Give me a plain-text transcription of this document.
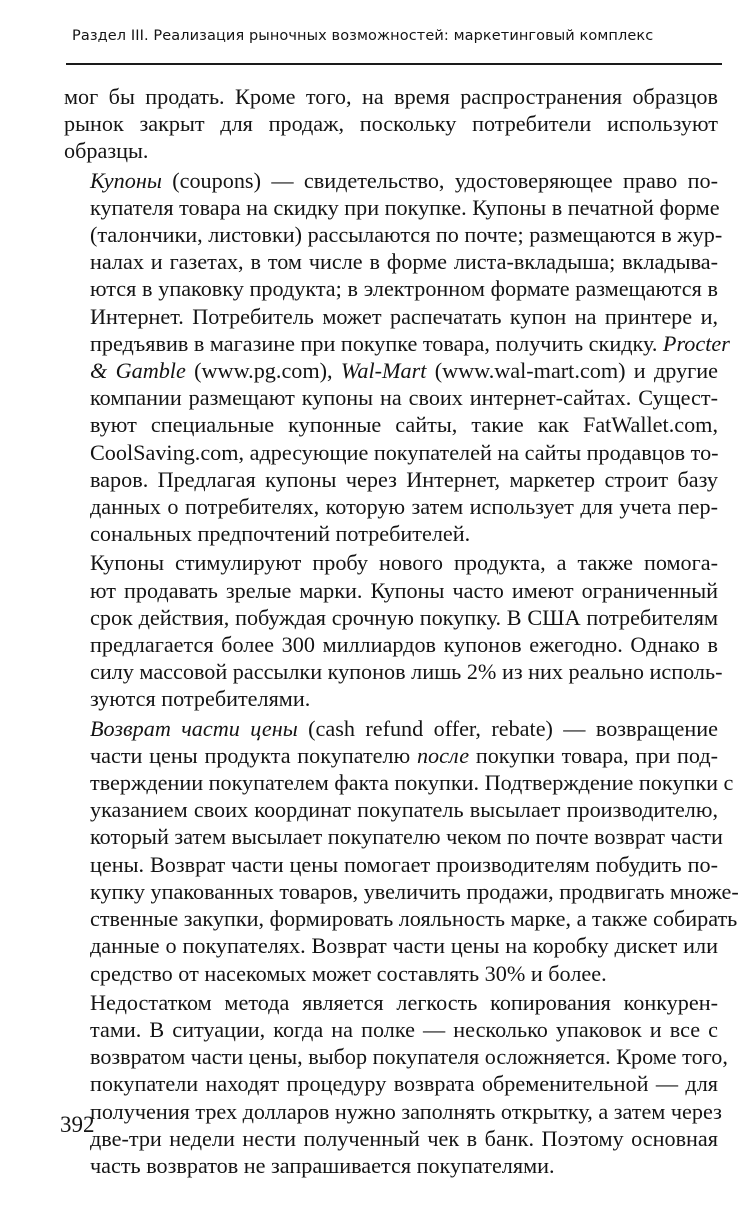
Раздел III. Реализация рыночных возможностей: маркетинговый комплекс
мог бы продать. Кроме того, на время распространения образцов
рынок закрыт для продаж, поскольку потребители используют
образцы.
Купоны (coupons) — свидетельство, удостоверяющее право по-
купателя товара на скидку при покупке. Купоны в печатной форме
(талончики, листовки) рассылаются по почте; размещаются в жур-
налах и газетах, в том числе в форме листа-вкладыша; вкладыва-
ются в упаковку продукта; в электронном формате размещаются в
Интернет. Потребитель может распечатать купон на принтере и,
предъявив в магазине при покупке товара, получить скидку. Procter
& Gamble (www.pg.com), Wal-Mart (www.wal-mart.com) и другие
компании размещают купоны на своих интернет-сайтах. Сущест-
вуют специальные купонные сайты, такие как FatWallet.com,
CoolSaving.com, адресующие покупателей на сайты продавцов то-
варов. Предлагая купоны через Интернет, маркетер строит базу
данных о потребителях, которую затем использует для учета пер-
сональных предпочтений потребителей.
Купоны стимулируют пробу нового продукта, а также помога-
ют продавать зрелые марки. Купоны часто имеют ограниченный
срок действия, побуждая срочную покупку. В США потребителям
предлагается более 300 миллиардов купонов ежегодно. Однако в
силу массовой рассылки купонов лишь 2% из них реально исполь-
зуются потребителями.
Возврат части цены (cash refund offer, rebate) — возвращение
части цены продукта покупателю после покупки товара, при под-
тверждении покупателем факта покупки. Подтверждение покупки с
указанием своих координат покупатель высылает производителю,
который затем высылает покупателю чеком по почте возврат части
цены. Возврат части цены помогает производителям побудить по-
купку упакованных товаров, увеличить продажи, продвигать множе-
ственные закупки, формировать лояльность марке, а также собирать
данные о покупателях. Возврат части цены на коробку дискет или
средство от насекомых может составлять 30% и более.
Недостатком метода является легкость копирования конкурен-
тами. В ситуации, когда на полке — несколько упаковок и все с
возвратом части цены, выбор покупателя осложняется. Кроме того,
покупатели находят процедуру возврата обременительной — для
получения трех долларов нужно заполнять открытку, а затем через
две-три недели нести полученный чек в банк. Поэтому основная
часть возвратов не запрашивается покупателями.
392
